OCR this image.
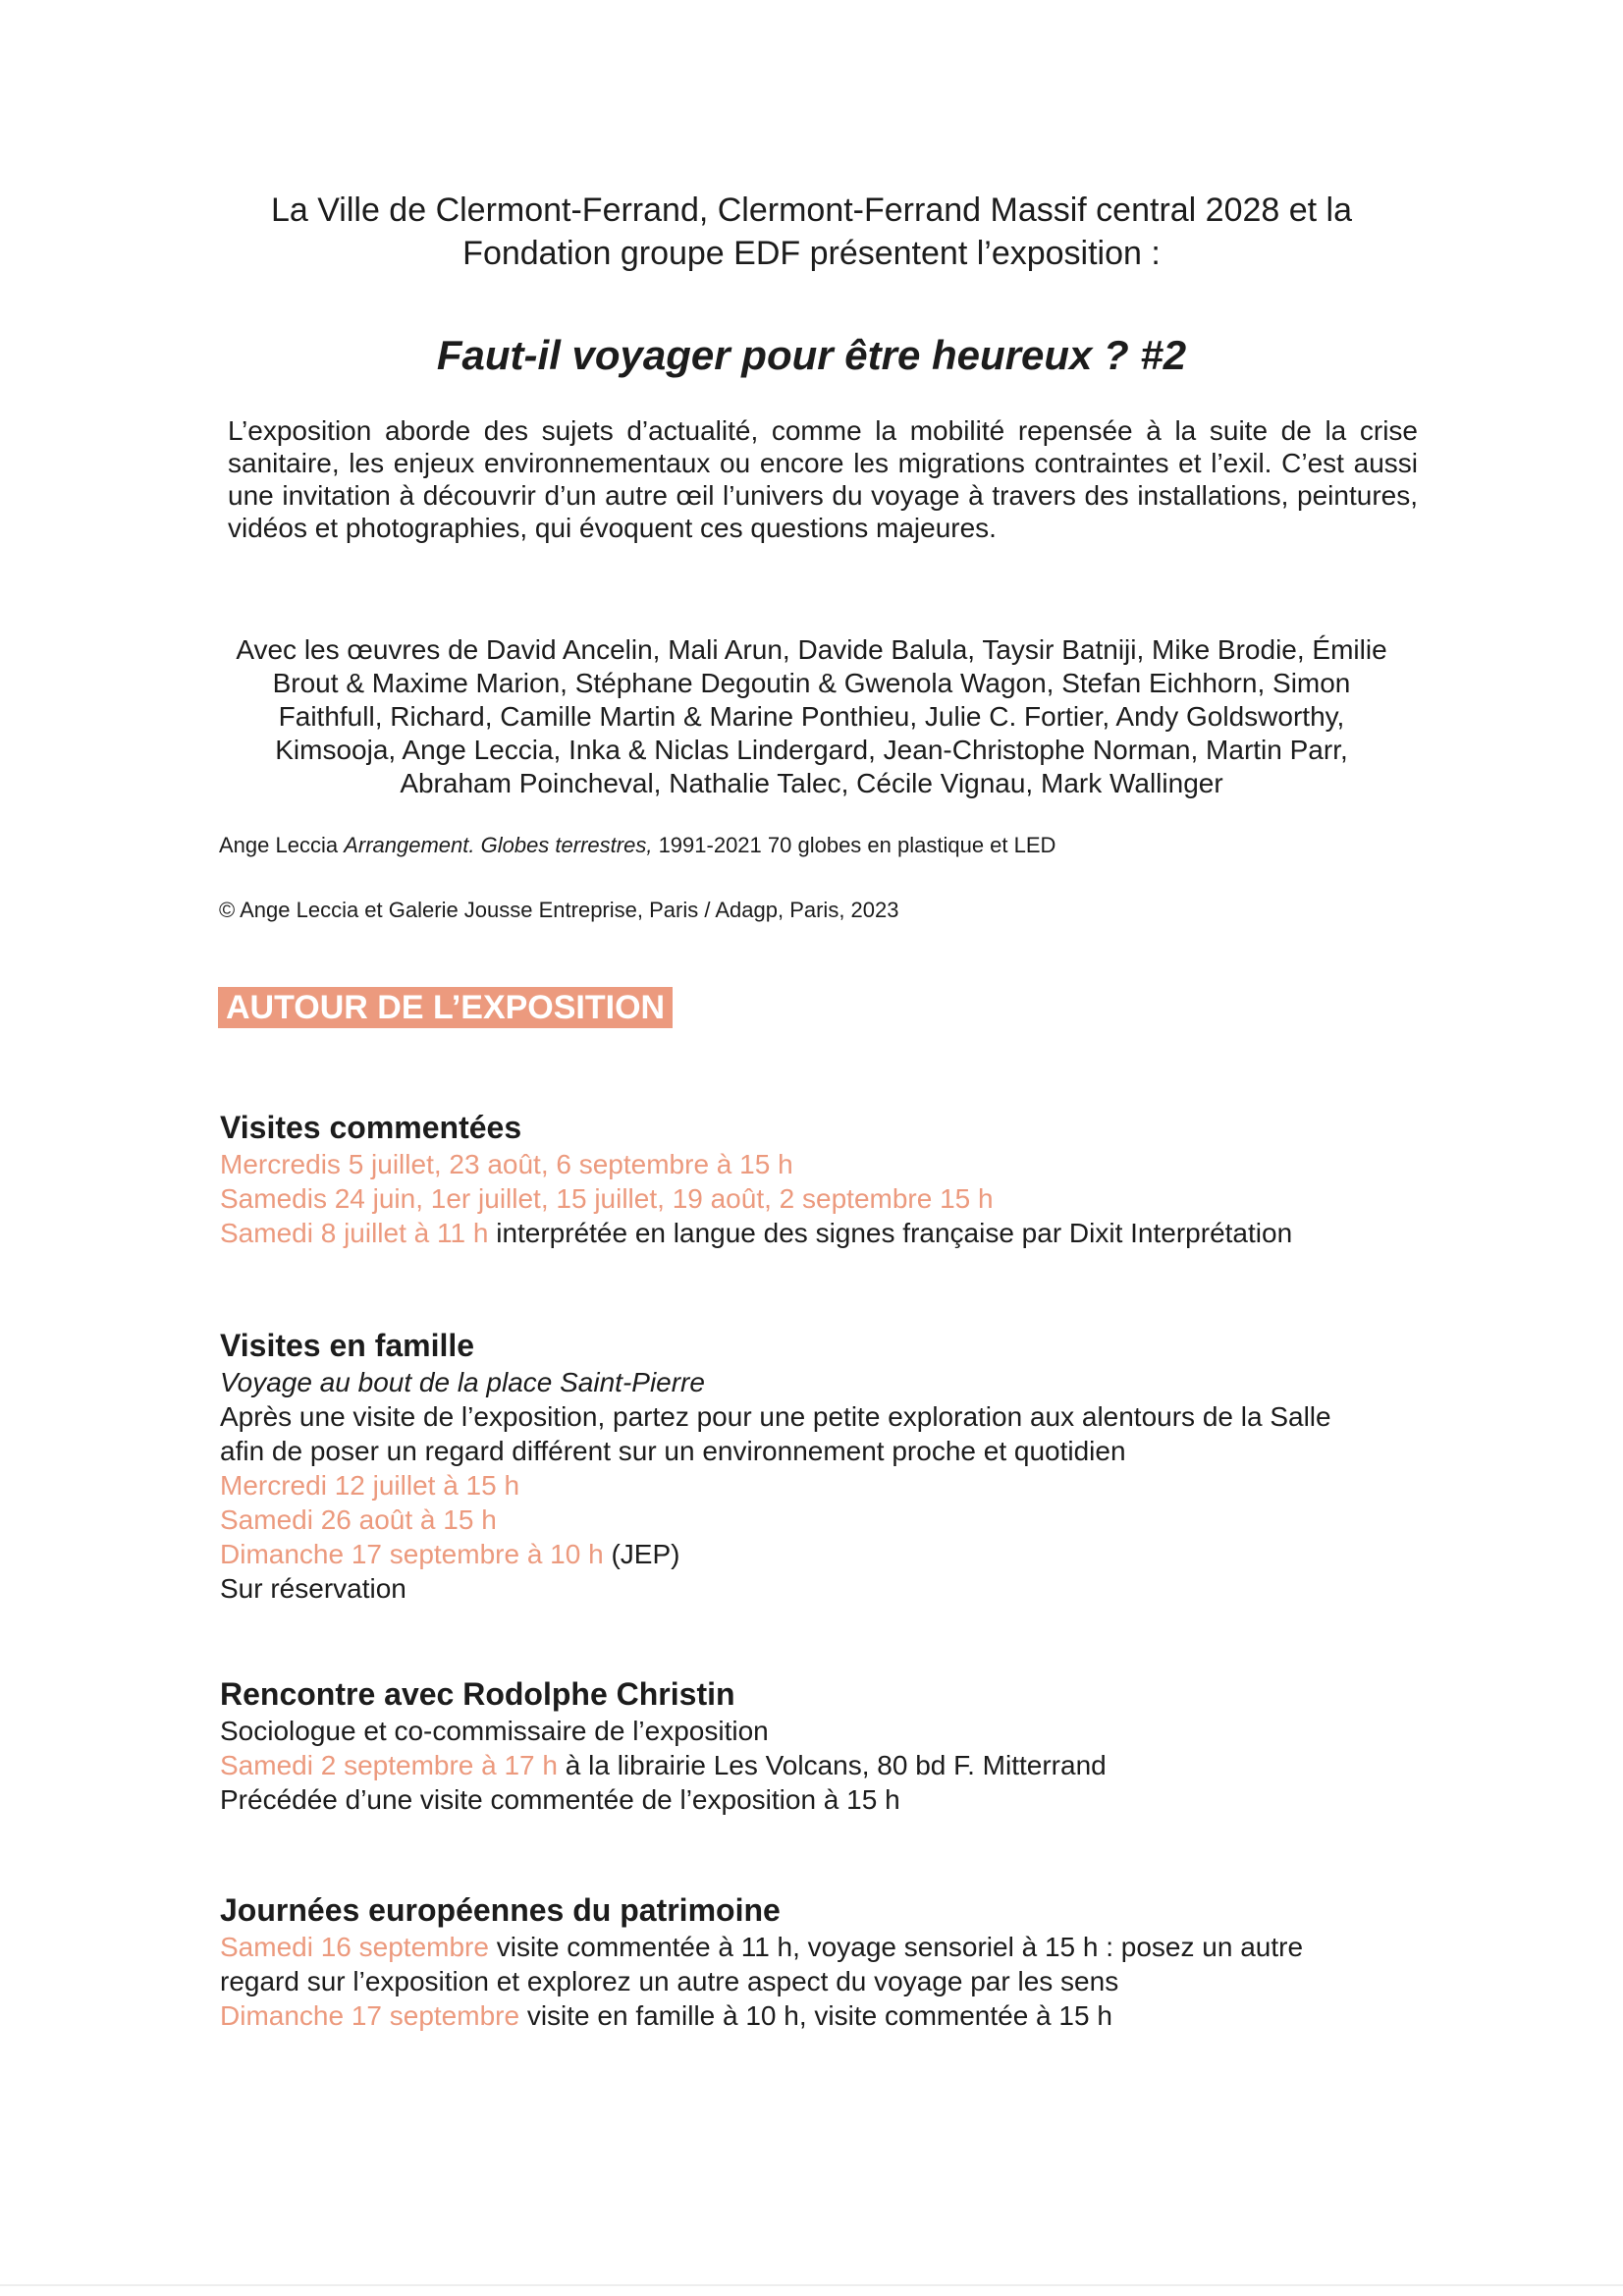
La Ville de Clermont-Ferrand, Clermont-Ferrand Massif central 2028 et la
Fondation groupe EDF présentent l’exposition :
Faut-il voyager pour être heureux ? #2
L’exposition aborde des sujets d’actualité, comme la mobilité repensée à la suite de la crise sanitaire, les enjeux environnementaux ou encore les migrations contraintes et l’exil. C’est aussi une invitation à découvrir d’un autre œil l’univers du voyage à travers des installations, peintures, vidéos et photographies, qui évoquent ces questions majeures.
Avec les œuvres de David Ancelin, Mali Arun, Davide Balula, Taysir Batniji, Mike Brodie, Émilie
Brout & Maxime Marion, Stéphane Degoutin & Gwenola Wagon, Stefan Eichhorn, Simon
Faithfull, Richard, Camille Martin & Marine Ponthieu, Julie C. Fortier, Andy Goldsworthy,
Kimsooja, Ange Leccia, Inka & Niclas Lindergard, Jean-Christophe Norman, Martin Parr,
Abraham Poincheval, Nathalie Talec, Cécile Vignau, Mark Wallinger
Ange Leccia Arrangement. Globes terrestres, 1991-2021 70 globes en plastique et LED
© Ange Leccia et Galerie Jousse Entreprise, Paris / Adagp, Paris, 2023
AUTOUR DE L’EXPOSITION
Visites commentées

Mercredis 5 juillet, 23 août, 6 septembre à 15 h

Samedis 24 juin, 1er juillet, 15 juillet, 19 août, 2 septembre 15 h

Samedi 8 juillet à 11 h interprétée en langue des signes française par Dixit Interprétation

Visites en famille

Voyage au bout de la place Saint-Pierre

Après une visite de l’exposition, partez pour une petite exploration aux alentours de la Salle

afin de poser un regard différent sur un environnement proche et quotidien

Mercredi 12 juillet à 15 h

Samedi 26 août à 15 h

Dimanche 17 septembre à 10 h (JEP)

Sur réservation

Rencontre avec Rodolphe Christin

Sociologue et co-commissaire de l’exposition

Samedi 2 septembre à 17 h à la librairie Les Volcans, 80 bd F. Mitterrand

Précédée d’une visite commentée de l’exposition à 15 h

Journées européennes du patrimoine

Samedi 16 septembre visite commentée à 11 h, voyage sensoriel à 15 h : posez un autre

regard sur l’exposition et explorez un autre aspect du voyage par les sens

Dimanche 17 septembre visite en famille à 10 h, visite commentée à 15 h
